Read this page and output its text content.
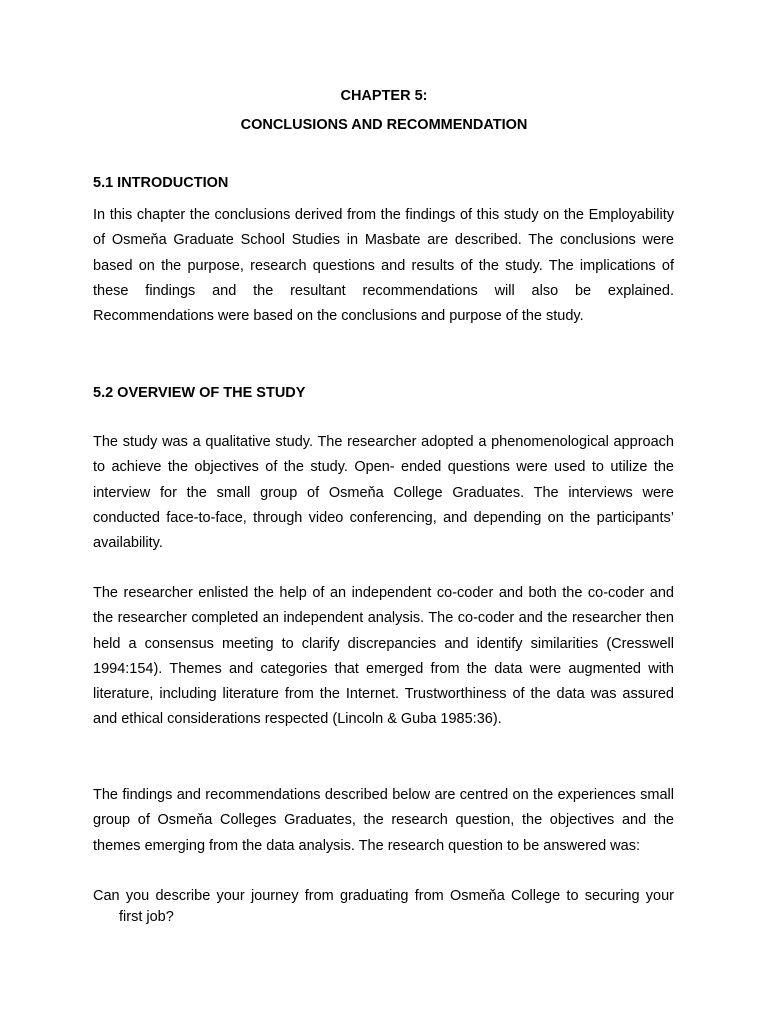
CHAPTER 5:

CONCLUSIONS AND RECOMMENDATION

5.1 INTRODUCTION

In this chapter the conclusions derived from the findings of this study on the Employability of Osmeňa Graduate School Studies in Masbate are described. The conclusions were based on the purpose, research questions and results of the study. The implications of these findings and the resultant recommendations will also be explained. Recommendations were based on the conclusions and purpose of the study.

5.2 OVERVIEW OF THE STUDY

The study was a qualitative study. The researcher adopted a phenomenological approach to achieve the objectives of the study. Open- ended questions were used to utilize the interview for the small group of Osmeňa College Graduates. The interviews were conducted face-to-face, through video conferencing, and depending on the participants’ availability.

The researcher enlisted the help of an independent co-coder and both the co-coder and the researcher completed an independent analysis. The co-coder and the researcher then held a consensus meeting to clarify discrepancies and identify similarities (Cresswell 1994:154). Themes and categories that emerged from the data were augmented with literature, including literature from the Internet. Trustworthiness of the data was assured and ethical considerations respected (Lincoln & Guba 1985:36).

The findings and recommendations described below are centred on the experiences small group of Osmeňa Colleges Graduates, the research question, the objectives and the themes emerging from the data analysis. The research question to be answered was:

Can you describe your journey from graduating from Osmeňa College to securing your first job?
